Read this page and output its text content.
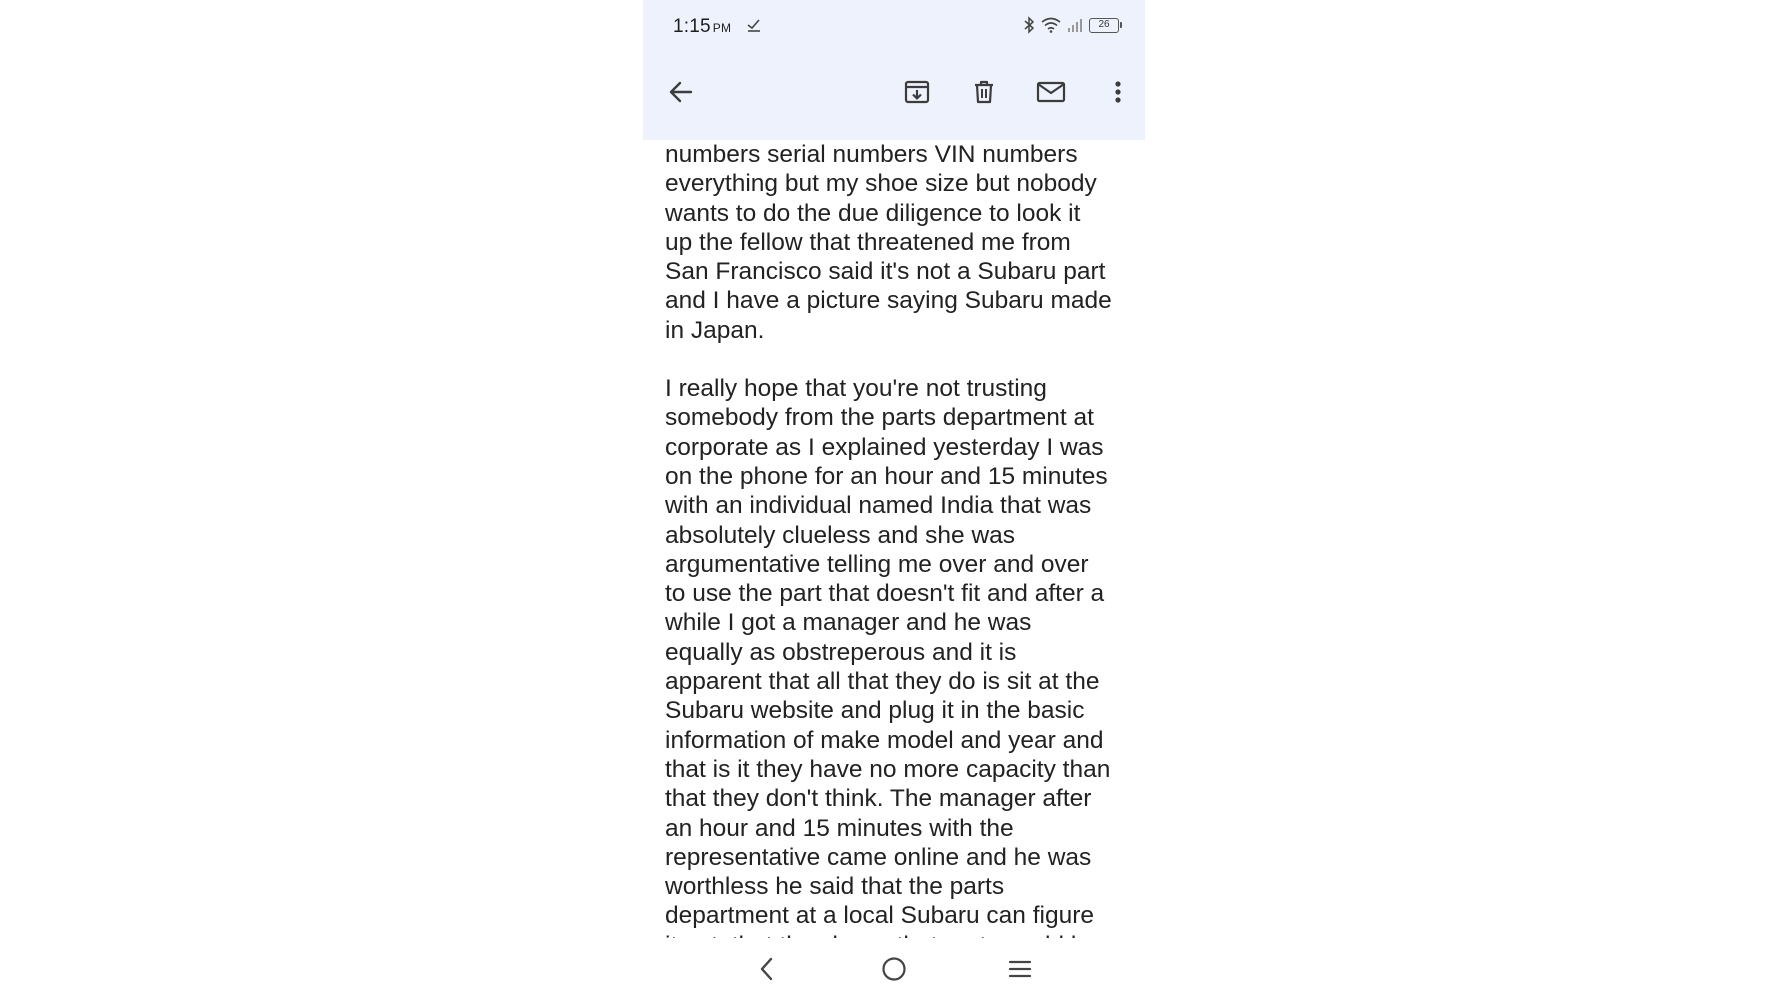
1:15 PM	26

numbers serial numbers VIN numbers
everything but my shoe size but nobody
wants to do the due diligence to look it
up the fellow that threatened me from
San Francisco said it's not a Subaru part
and I have a picture saying Subaru made
in Japan.

I really hope that you're not trusting
somebody from the parts department at
corporate as I explained yesterday I was
on the phone for an hour and 15 minutes
with an individual named India that was
absolutely clueless and she was
argumentative telling me over and over
to use the part that doesn't fit and after a
while I got a manager and he was
equally as obstreperous and it is
apparent that all that they do is sit at the
Subaru website and plug it in the basic
information of make model and year and
that is it they have no more capacity than
that they don't think. The manager after
an hour and 15 minutes with the
representative came online and he was
worthless he said that the parts
department at a local Subaru can figure
